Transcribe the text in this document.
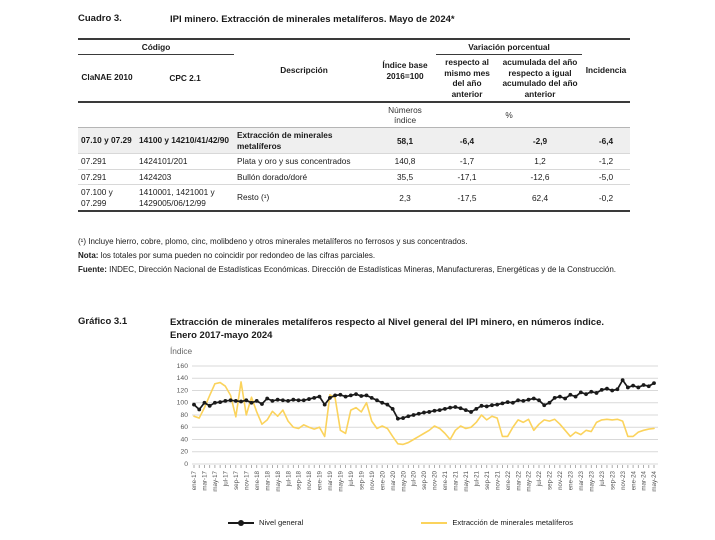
Cuadro 3.	IPI minero. Extracción de minerales metalíferos. Mayo de 2024*
Código		Descripción	Índice base 2016=100	Variación porcentual		Incidencia
ClaNAE 2010	CPC 2.1			respecto al mismo mes del año anterior	acumulada del año respecto a igual acumulado del año anterior	
			Números índice	%		
07.10 y 07.29	14100 y 14210/41/42/90	Extracción de minerales metalíferos	58,1	-6,4	-2,9	-6,4
07.291	1424101/201	Plata y oro y sus concentrados	140,8	-1,7	1,2	-1,2
07.291	1424203	Bullón dorado/doré	35,5	-17,1	-12,6	-5,0
07.100 y 07.299	1410001, 1421001 y 1429005/06/12/99	Resto (¹)	2,3	-17,5	62,4	-0,2
(¹) Incluye hierro, cobre, plomo, cinc, molibdeno y otros minerales metalíferos no ferrosos y sus concentrados.
Nota: los totales por suma pueden no coincidir por redondeo de las cifras parciales.
Fuente: INDEC, Dirección Nacional de Estadísticas Económicas. Dirección de Estadísticas Mineras, Manufactureras, Energéticas y de la Construcción.
Gráfico 3.1	Extracción de minerales metalíferos respecto al Nivel general del IPI minero, en números índice.
Enero 2017-mayo 2024
Índice
0
20
40
60
80
100
120
140
160
ene-17 mar-17 may-17 jul-17 sep-17 nov-17 ene-18 mar-18 may-18 jul-18 sep-18 nov-18 ene-19 mar-19 may-19 jul-19 sep-19 nov-19 ene-20 mar-20 may-20 jul-20 sep-20 nov-20 ene-21 mar-21 may-21 jul-21 sep-21 nov-21 ene-22 mar-22 may-22 jul-22 sep-22 nov-22 ene-23 mar-23 may-23 jul-23 sep-23 nov-23 ene-24 mar-24 may-24
Nivel general	Extracción de minerales metalíferos
